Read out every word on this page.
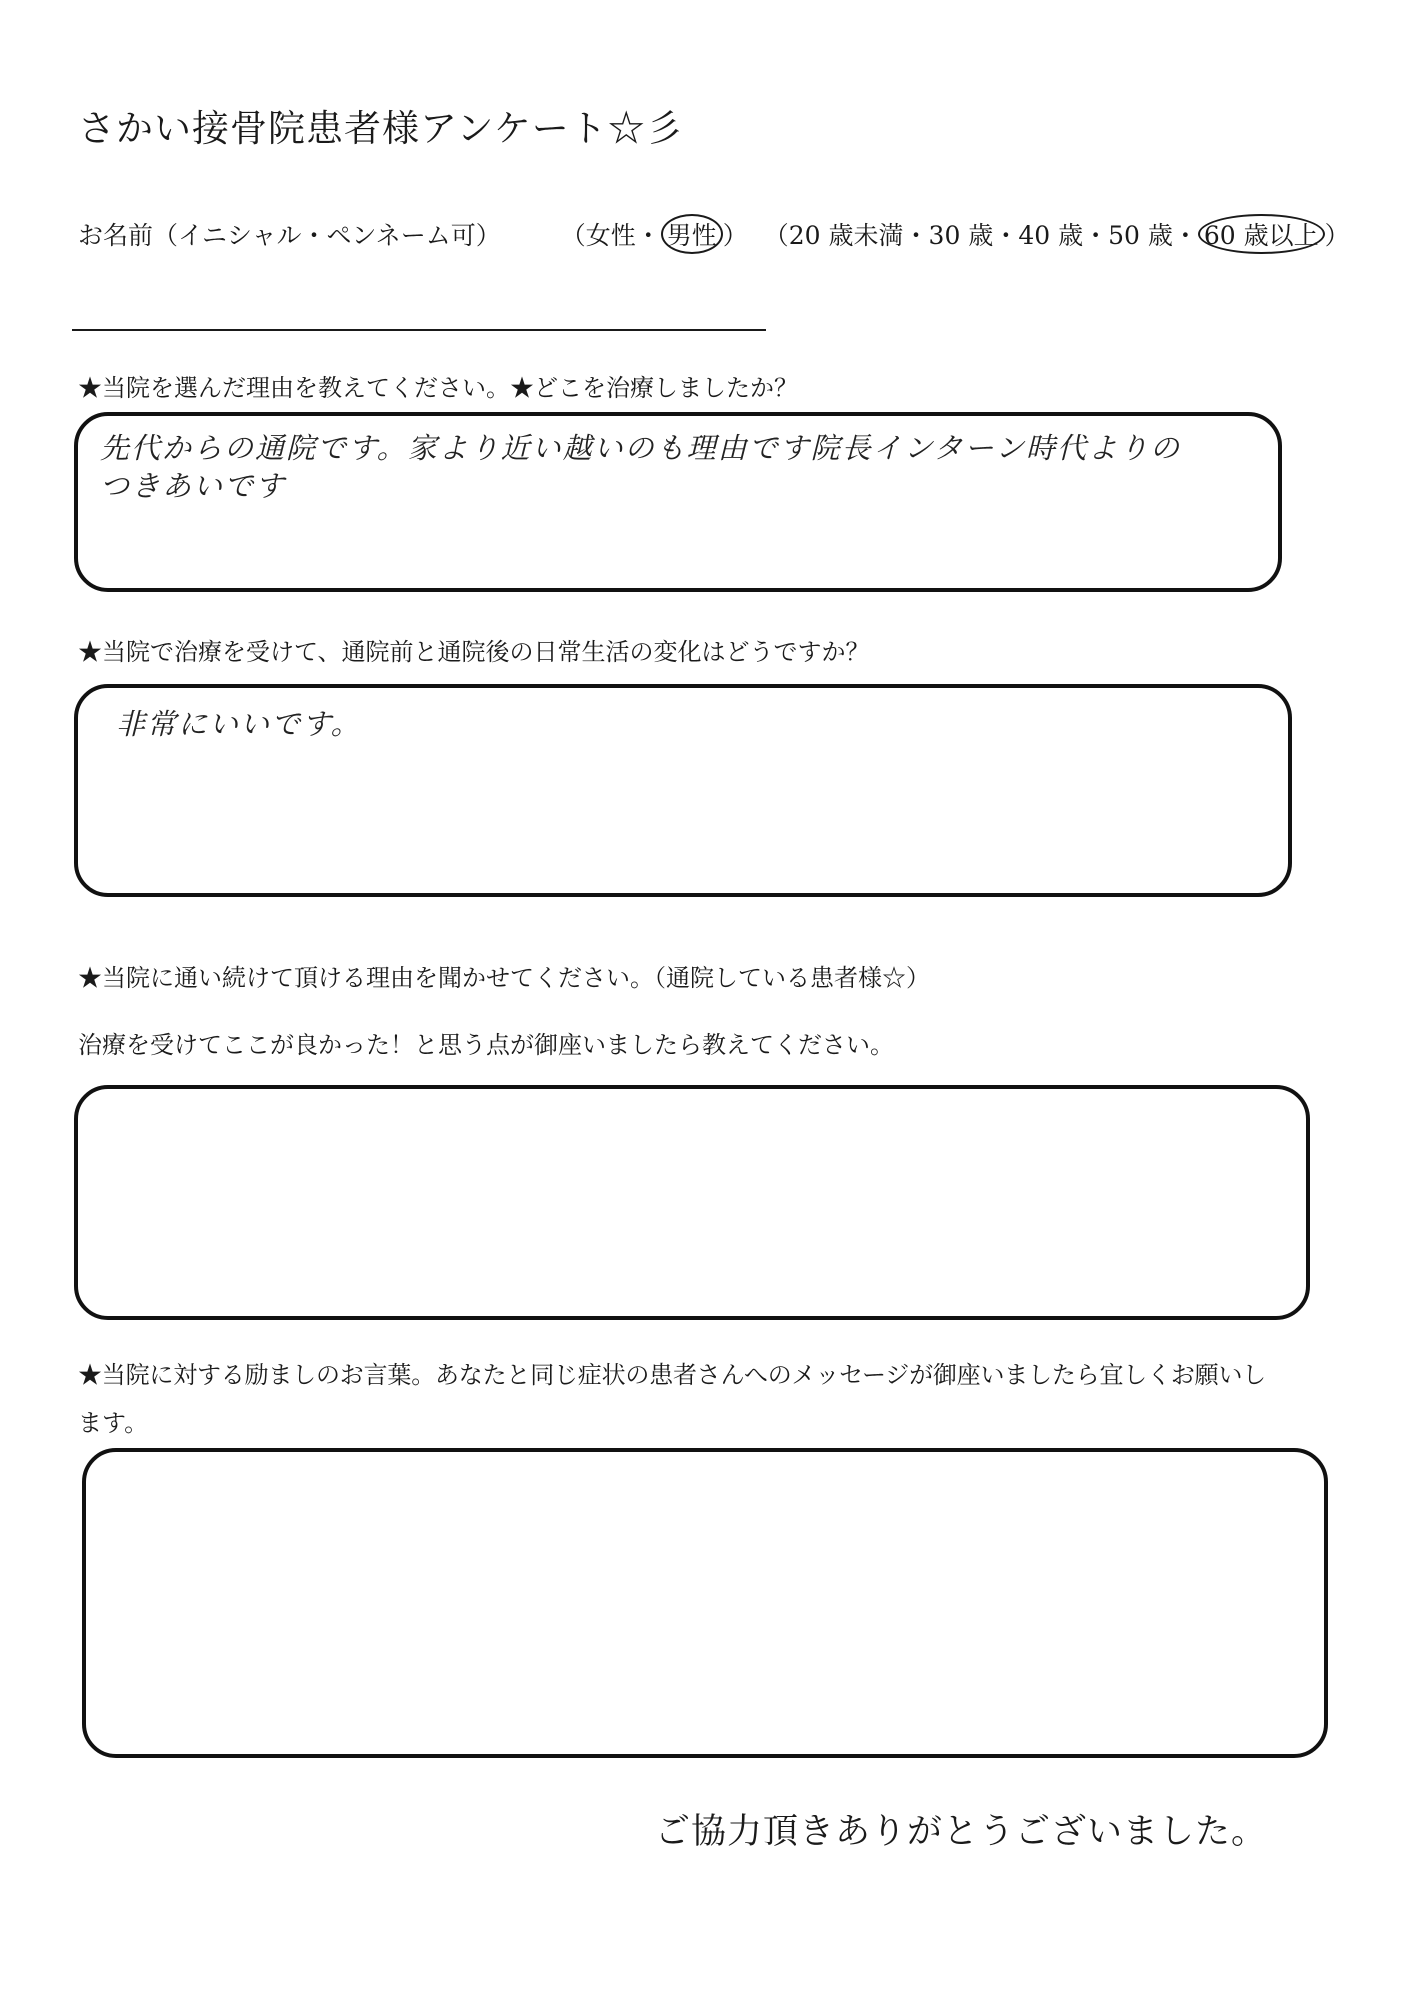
さかい接骨院患者様アンケート☆彡
お名前（イニシャル・ペンネーム可） （女性・ 男性 ） （20 歳未満・30 歳・40 歳・50 歳・ 60 歳以上 ）
★当院を選んだ理由を教えてください。★どこを治療しましたか？
先代からの通院です。家より近い越いのも理由です院長インターン時代よりの
つきあいです
★当院で治療を受けて、通院前と通院後の日常生活の変化はどうですか？
非常にいいです。
★当院に通い続けて頂ける理由を聞かせてください。（通院している患者様☆）
治療を受けてここが良かった！と思う点が御座いましたら教えてください。
★当院に対する励ましのお言葉。あなたと同じ症状の患者さんへのメッセージが御座いましたら宜しくお願いし
ます。
ご協力頂きありがとうございました。
